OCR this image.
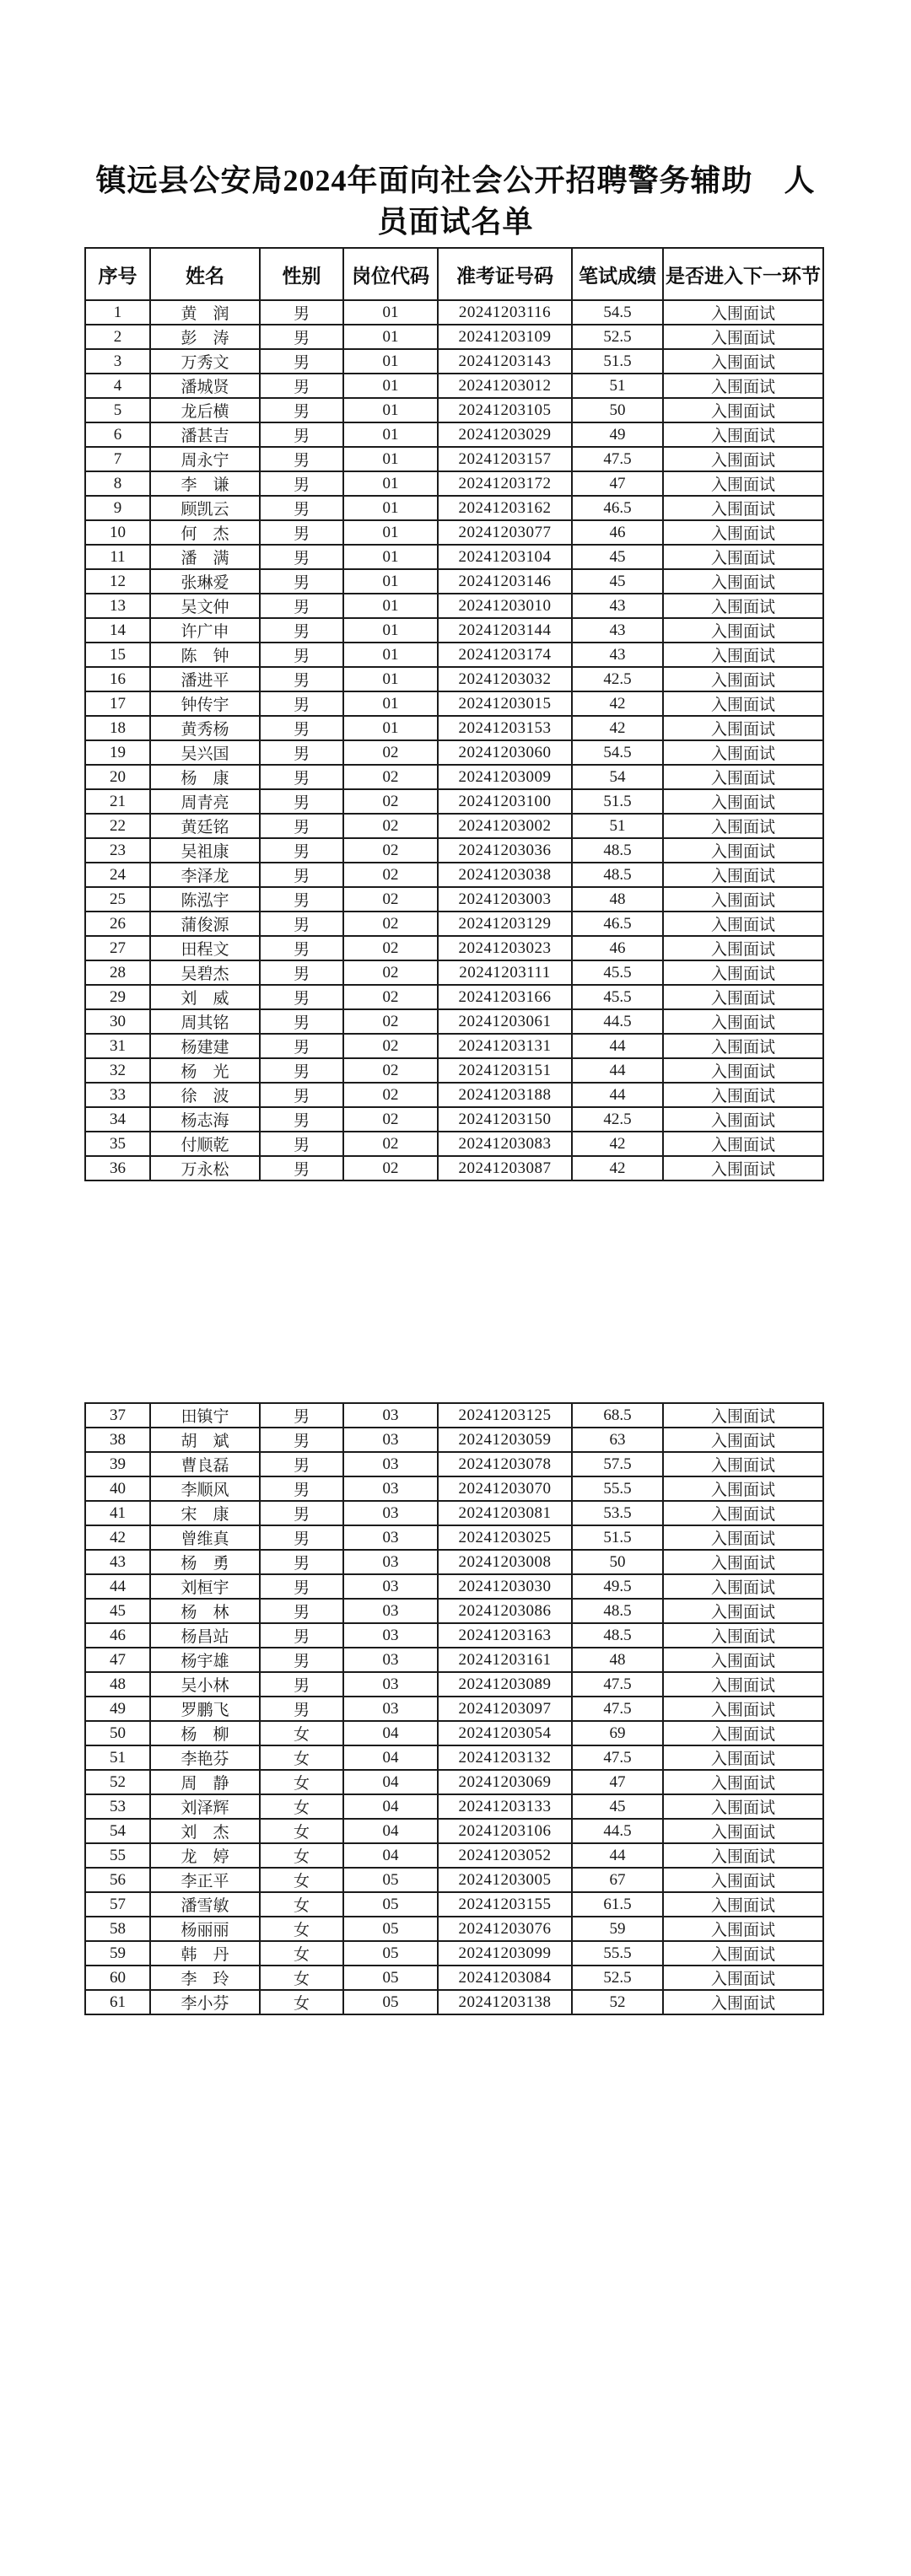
镇远县公安局2024年面向社会公开招聘警务辅助　人
员面试名单
序号	姓名	性别	岗位代码	准考证号码	笔试成绩	是否进入下一环节
1	黄　润	男	01	20241203116	54.5	入围面试
2	彭　涛	男	01	20241203109	52.5	入围面试
3	万秀文	男	01	20241203143	51.5	入围面试
4	潘城贤	男	01	20241203012	51	入围面试
5	龙后横	男	01	20241203105	50	入围面试
6	潘甚吉	男	01	20241203029	49	入围面试
7	周永宁	男	01	20241203157	47.5	入围面试
8	李　谦	男	01	20241203172	47	入围面试
9	顾凯云	男	01	20241203162	46.5	入围面试
10	何　杰	男	01	20241203077	46	入围面试
11	潘　满	男	01	20241203104	45	入围面试
12	张琳爱	男	01	20241203146	45	入围面试
13	吴文仲	男	01	20241203010	43	入围面试
14	许广申	男	01	20241203144	43	入围面试
15	陈　钟	男	01	20241203174	43	入围面试
16	潘进平	男	01	20241203032	42.5	入围面试
17	钟传宇	男	01	20241203015	42	入围面试
18	黄秀杨	男	01	20241203153	42	入围面试
19	吴兴国	男	02	20241203060	54.5	入围面试
20	杨　康	男	02	20241203009	54	入围面试
21	周青亮	男	02	20241203100	51.5	入围面试
22	黄廷铭	男	02	20241203002	51	入围面试
23	吴祖康	男	02	20241203036	48.5	入围面试
24	李泽龙	男	02	20241203038	48.5	入围面试
25	陈泓宇	男	02	20241203003	48	入围面试
26	蒲俊源	男	02	20241203129	46.5	入围面试
27	田程文	男	02	20241203023	46	入围面试
28	吴碧杰	男	02	20241203111	45.5	入围面试
29	刘　威	男	02	20241203166	45.5	入围面试
30	周其铭	男	02	20241203061	44.5	入围面试
31	杨建建	男	02	20241203131	44	入围面试
32	杨　光	男	02	20241203151	44	入围面试
33	徐　波	男	02	20241203188	44	入围面试
34	杨志海	男	02	20241203150	42.5	入围面试
35	付顺乾	男	02	20241203083	42	入围面试
36	万永松	男	02	20241203087	42	入围面试
37	田镇宁	男	03	20241203125	68.5	入围面试
38	胡　斌	男	03	20241203059	63	入围面试
39	曹良磊	男	03	20241203078	57.5	入围面试
40	李顺风	男	03	20241203070	55.5	入围面试
41	宋　康	男	03	20241203081	53.5	入围面试
42	曾维真	男	03	20241203025	51.5	入围面试
43	杨　勇	男	03	20241203008	50	入围面试
44	刘桓宇	男	03	20241203030	49.5	入围面试
45	杨　林	男	03	20241203086	48.5	入围面试
46	杨昌站	男	03	20241203163	48.5	入围面试
47	杨宇雄	男	03	20241203161	48	入围面试
48	吴小林	男	03	20241203089	47.5	入围面试
49	罗鹏飞	男	03	20241203097	47.5	入围面试
50	杨　柳	女	04	20241203054	69	入围面试
51	李艳芬	女	04	20241203132	47.5	入围面试
52	周　静	女	04	20241203069	47	入围面试
53	刘泽辉	女	04	20241203133	45	入围面试
54	刘　杰	女	04	20241203106	44.5	入围面试
55	龙　婷	女	04	20241203052	44	入围面试
56	李正平	女	05	20241203005	67	入围面试
57	潘雪敏	女	05	20241203155	61.5	入围面试
58	杨丽丽	女	05	20241203076	59	入围面试
59	韩　丹	女	05	20241203099	55.5	入围面试
60	李　玲	女	05	20241203084	52.5	入围面试
61	李小芬	女	05	20241203138	52	入围面试
